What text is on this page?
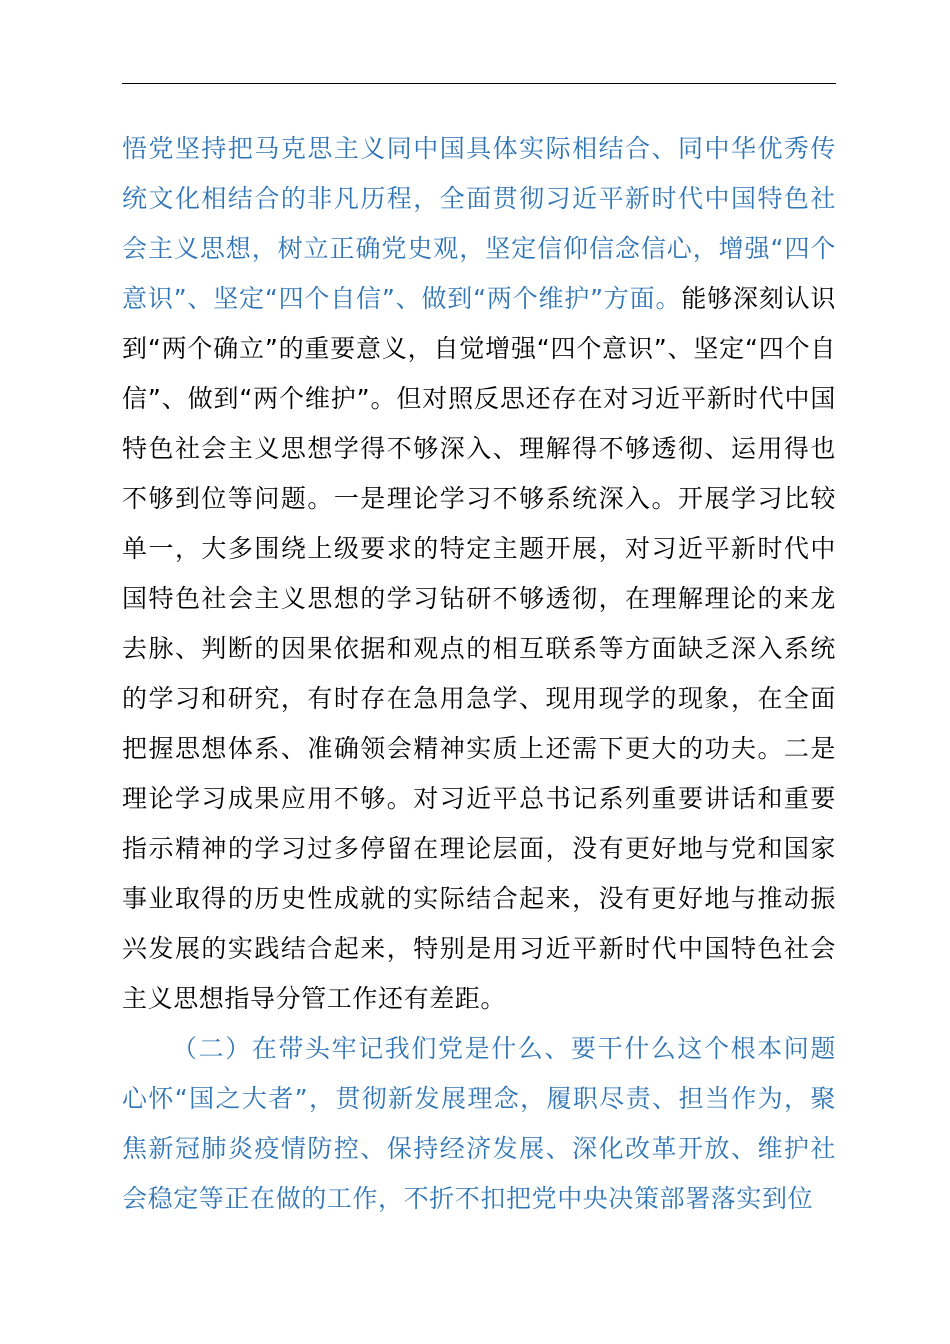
悟党坚持把马克思主义同中国具体实际相结合、同中华优秀传统文化相结合的非凡历程，全面贯彻习近平新时代中国特色社会主义思想，树立正确党史观，坚定信仰信念信心，增强“四个意识”、坚定“四个自信”、做到“两个维护”方面。能够深刻认识到“两个确立”的重要意义，自觉增强“四个意识”、坚定“四个自信”、做到“两个维护”。但对照反思还存在对习近平新时代中国特色社会主义思想学得不够深入、理解得不够透彻、运用得也不够到位等问题。一是理论学习不够系统深入。开展学习比较单一，大多围绕上级要求的特定主题开展，对习近平新时代中国特色社会主义思想的学习钻研不够透彻，在理解理论的来龙去脉、判断的因果依据和观点的相互联系等方面缺乏深入系统的学习和研究，有时存在急用急学、现用现学的现象，在全面把握思想体系、准确领会精神实质上还需下更大的功夫。二是理论学习成果应用不够。对习近平总书记系列重要讲话和重要指示精神的学习过多停留在理论层面，没有更好地与党和国家事业取得的历史性成就的实际结合起来，没有更好地与推动振兴发展的实践结合起来，特别是用习近平新时代中国特色社会主义思想指导分管工作还有差距。

（二）在带头牢记我们党是什么、要干什么这个根本问题心怀“国之大者”，贯彻新发展理念，履职尽责、担当作为，聚焦新冠肺炎疫情防控、保持经济发展、深化改革开放、维护社会稳定等正在做的工作，不折不扣把党中央决策部署落实到位
